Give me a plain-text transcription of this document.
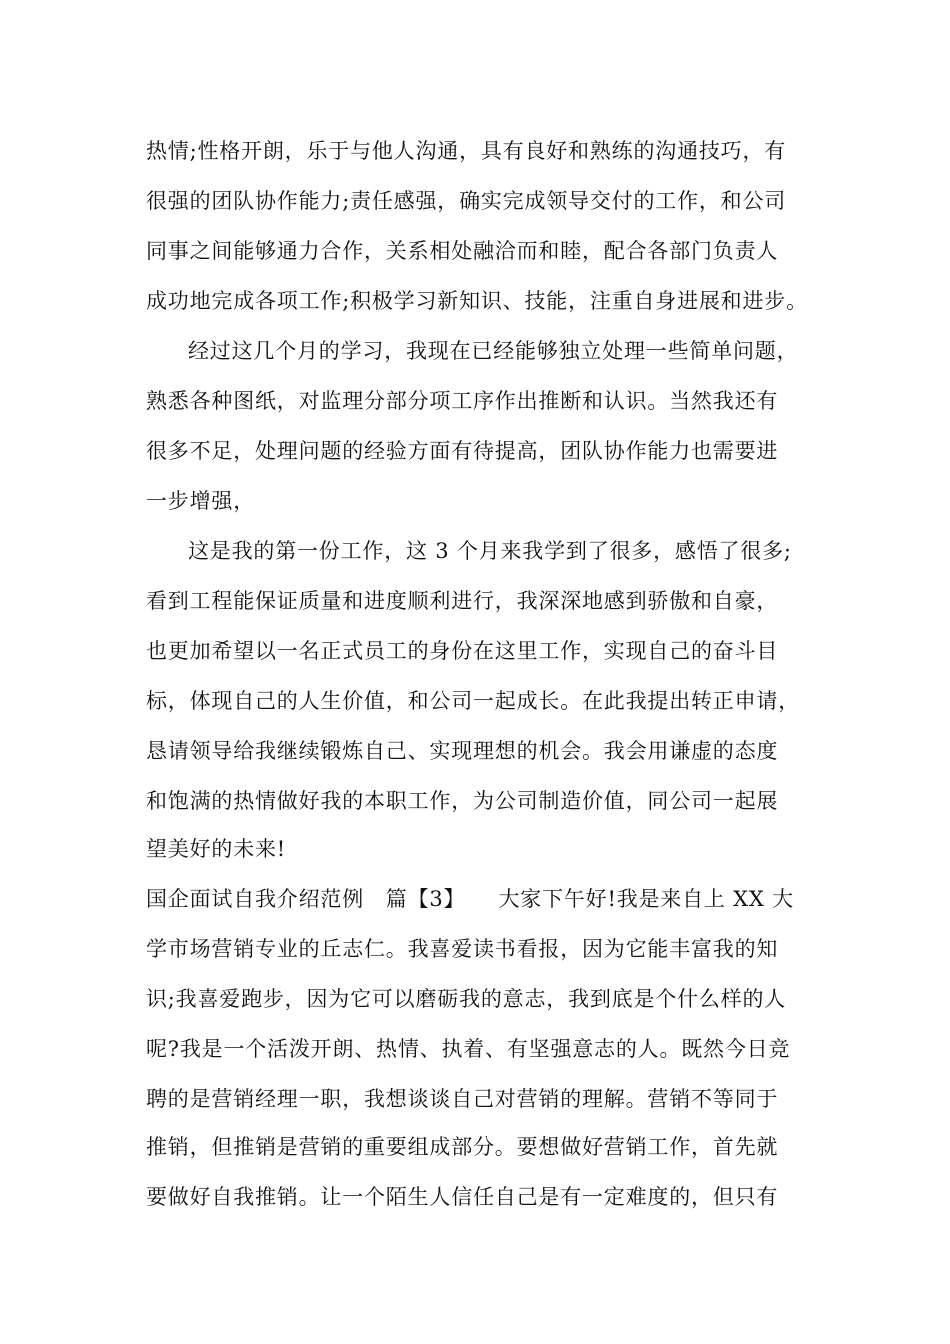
热情;性格开朗，乐于与他人沟通，具有良好和熟练的沟通技巧，有
很强的团队协作能力;责任感强，确实完成领导交付的工作，和公司
同事之间能够通力合作，关系相处融洽而和睦，配合各部门负责人
成功地完成各项工作;积极学习新知识、技能，注重自身进展和进步。
经过这几个月的学习，我现在已经能够独立处理一些简单问题，
熟悉各种图纸，对监理分部分项工序作出推断和认识。当然我还有
很多不足，处理问题的经验方面有待提高，团队协作能力也需要进
一步增强，
这是我的第一份工作，这 3 个月来我学到了很多，感悟了很多;
看到工程能保证质量和进度顺利进行，我深深地感到骄傲和自豪，
也更加希望以一名正式员工的身份在这里工作，实现自己的奋斗目
标，体现自己的人生价值，和公司一起成长。在此我提出转正申请，
恳请领导给我继续锻炼自己、实现理想的机会。我会用谦虚的态度
和饱满的热情做好我的本职工作，为公司制造价值，同公司一起展
望美好的未来!
国企面试自我介绍范例　篇【3】　　大家下午好!我是来自上 XX 大
学市场营销专业的丘志仁。我喜爱读书看报，因为它能丰富我的知
识;我喜爱跑步，因为它可以磨砺我的意志，我到底是个什么样的人
呢?我是一个活泼开朗、热情、执着、有坚强意志的人。既然今日竞
聘的是营销经理一职，我想谈谈自己对营销的理解。营销不等同于
推销，但推销是营销的重要组成部分。要想做好营销工作，首先就
要做好自我推销。让一个陌生人信任自己是有一定难度的，但只有
